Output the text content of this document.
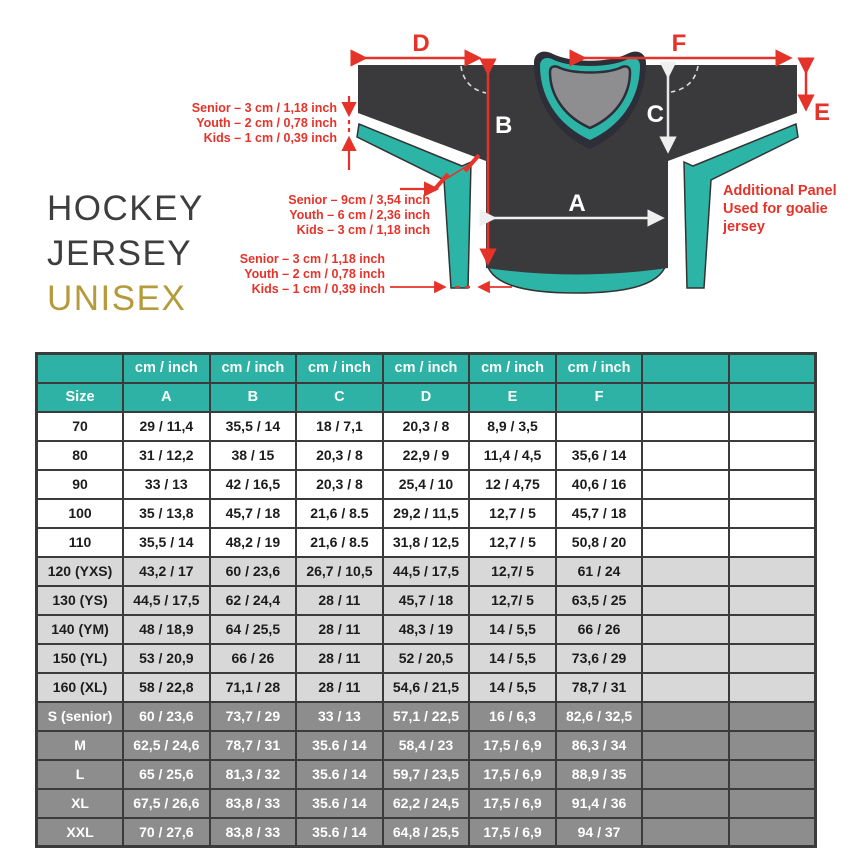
D	F
B	C
A
E
HOCKEY
JERSEY
UNISEX
Senior – 3 cm / 1,18 inch
Youth – 2 cm / 0,78 inch
Kids – 1 cm / 0,39 inch
Senior – 9cm / 3,54 inch
Youth – 6 cm / 2,36 inch
Kids – 3 cm / 1,18 inch
Senior – 3 cm / 1,18 inch
Youth – 2 cm / 0,78 inch
Kids – 1 cm / 0,39 inch
Additional Panel
Used for goalie
jersey
	cm / inch	cm / inch	cm / inch	cm / inch	cm / inch	cm / inch		
Size	A	B	C	D	E	F		
70	29 / 11,4	35,5 / 14	18 / 7,1	20,3 / 8	8,9 / 3,5			
80	31 / 12,2	38 / 15	20,3 / 8	22,9 / 9	11,4 / 4,5	35,6 / 14		
90	33 / 13	42 / 16,5	20,3 / 8	25,4 / 10	12 / 4,75	40,6 / 16		
100	35 / 13,8	45,7 / 18	21,6 / 8.5	29,2 / 11,5	12,7 / 5	45,7 / 18		
110	35,5 / 14	48,2 / 19	21,6 / 8.5	31,8 / 12,5	12,7 / 5	50,8 / 20		
120 (YXS)	43,2 / 17	60 / 23,6	26,7 / 10,5	44,5 / 17,5	12,7/ 5	61 / 24		
130 (YS)	44,5 / 17,5	62 / 24,4	28 / 11	45,7 / 18	12,7/ 5	63,5 / 25		
140 (YM)	48 / 18,9	64 / 25,5	28 / 11	48,3 / 19	14 / 5,5	66 / 26		
150 (YL)	53 / 20,9	66 / 26	28 / 11	52 / 20,5	14 / 5,5	73,6 / 29		
160 (XL)	58 / 22,8	71,1 / 28	28 / 11	54,6 / 21,5	14 / 5,5	78,7 / 31		
S (senior)	60 / 23,6	73,7 / 29	33 / 13	57,1 / 22,5	16 / 6,3	82,6 / 32,5		
M	62,5 / 24,6	78,7 / 31	35.6 / 14	58,4 / 23	17,5 / 6,9	86,3 / 34		
L	65 / 25,6	81,3 / 32	35.6 / 14	59,7 / 23,5	17,5 / 6,9	88,9 / 35		
XL	67,5 / 26,6	83,8 / 33	35.6 / 14	62,2 / 24,5	17,5 / 6,9	91,4 / 36		
XXL	70 / 27,6	83,8 / 33	35.6 / 14	64,8 / 25,5	17,5 / 6,9	94 / 37		
